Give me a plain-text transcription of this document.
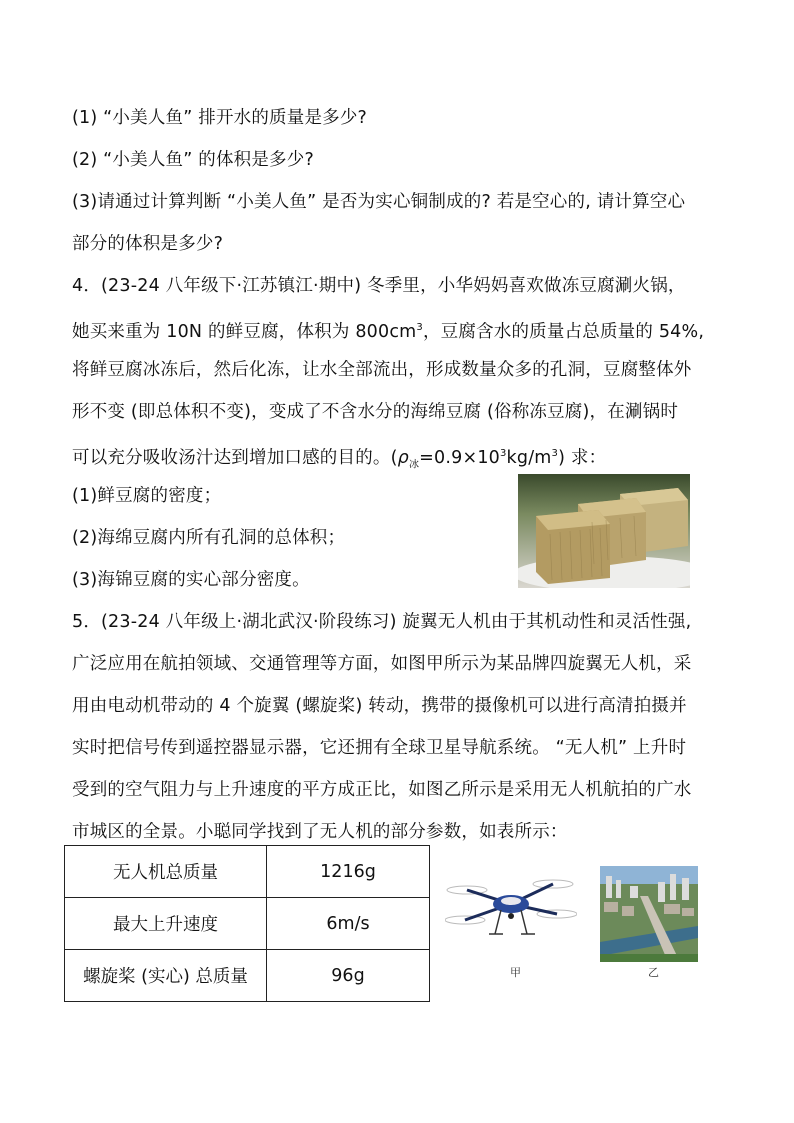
(1) “小美人鱼” 排开水的质量是多少?
(2) “小美人鱼” 的体积是多少?
(3)请通过计算判断 “小美人鱼” 是否为实心铜制成的? 若是空心的, 请计算空心
部分的体积是多少?
4．(23-24 八年级下·江苏镇江·期中) 冬季里，小华妈妈喜欢做冻豆腐涮火锅，
她买来重为 10N 的鲜豆腐，体积为 $800cm^3$，豆腐含水的质量占总质量的 54%,
将鲜豆腐冰冻后，然后化冻，让水全部流出，形成数量众多的孔洞，豆腐整体外
形不变 (即总体积不变)，变成了不含水分的海绵豆腐 (俗称冻豆腐)，在涮锅时
可以充分吸收汤汁达到增加口感的目的。$(\rho_冰=0.9\times 10^3kg/m^3)$ 求：
(1)鲜豆腐的密度；
(2)海绵豆腐内所有孔洞的总体积；
(3)海锦豆腐的实心部分密度。
5．(23-24 八年级上·湖北武汉·阶段练习) 旋翼无人机由于其机动性和灵活性强,
广泛应用在航拍领域、交通管理等方面，如图甲所示为某品牌四旋翼无人机，采
用由电动机带动的 4 个旋翼 (螺旋桨) 转动，携带的摄像机可以进行高清拍摄并
实时把信号传到遥控器显示器，它还拥有全球卫星导航系统。 “无人机” 上升时
受到的空气阻力与上升速度的平方成正比，如图乙所示是采用无人机航拍的广水
市城区的全景。小聪同学找到了无人机的部分参数，如表所示：
无人机总质量	1216g
最大上升速度	6m/s
螺旋桨 (实心) 总质量	96g	甲	乙
